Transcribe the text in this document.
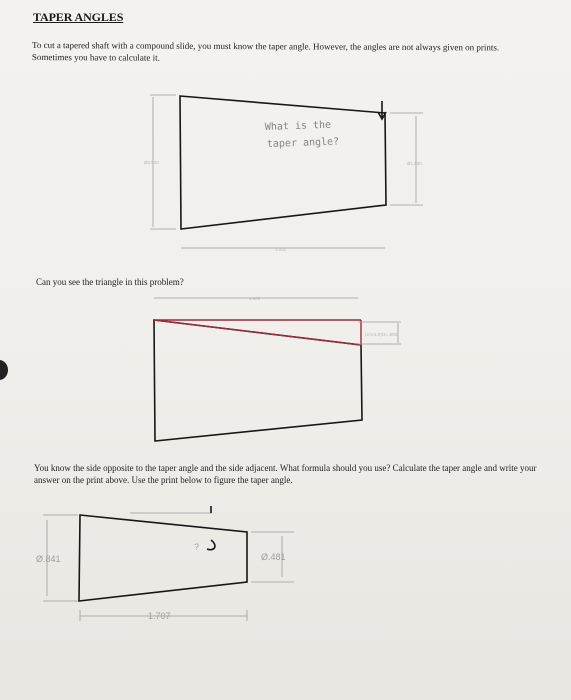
TAPER ANGLES
To cut a tapered shaft with a compound slide, you must know the taper angle. However, the angles are not always given on prints. Sometimes you have to calculate it.
Can you see the triangle in this problem?
You know the side opposite to the taper angle and the side adjacent. What formula should you use? Calculate the taper angle and write your answer on the print above. Use the print below to figure the taper angle.
Ø2.500	Ø1.500
4.000
What is the
taper angle?
4.000
(2.5-1.5)/2=.500
Ø.841	Ø.481
1.707
?
